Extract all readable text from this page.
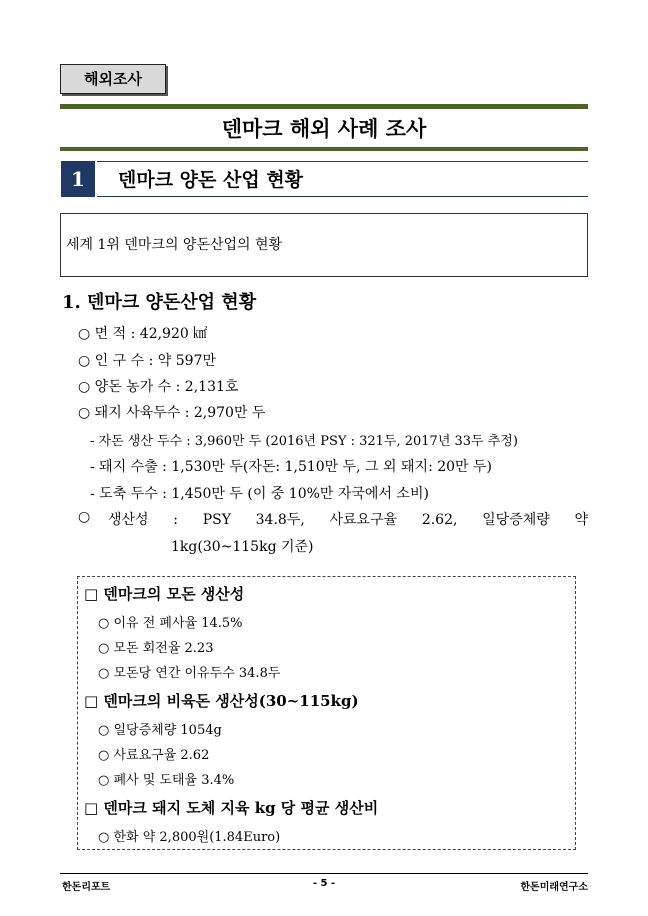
해외조사
덴마크 해외 사례 조사
1	덴마크 양돈 산업 현황
세계 1위 덴마크의 양돈산업의 현황
1. 덴마크 양돈산업 현황
○ 면 적 : 42,920 ㎢
○ 인 구 수 : 약 597만
○ 양돈 농가 수 : 2,131호
○ 돼지 사육두수 : 2,970만 두
- 자돈 생산 두수 : 3,960만 두 (2016년 PSY : 321두, 2017년 33두 추정)
- 돼지 수출 : 1,530만 두(자돈: 1,510만 두, 그 외 돼지: 20만 두)
- 도축 두수 : 1,450만 두 (이 중 10%만 자국에서 소비)
○ 생산성 : PSY 34.8두, 사료요구율 2.62, 일당증체량 약
1kg(30~115kg 기준)
□ 덴마크의 모돈 생산성
○ 이유 전 폐사율 14.5%
○ 모돈 회전율 2.23
○ 모돈당 연간 이유두수 34.8두
□ 덴마크의 비육돈 생산성(30~115kg)
○ 일당증체량 1054g
○ 사료요구율 2.62
○ 폐사 및 도태율 3.4%
□ 덴마크 돼지 도체 지육 kg 당 평균 생산비
○ 한화 약 2,800원(1.84Euro)
한돈리포트	- 5 -	한돈미래연구소
